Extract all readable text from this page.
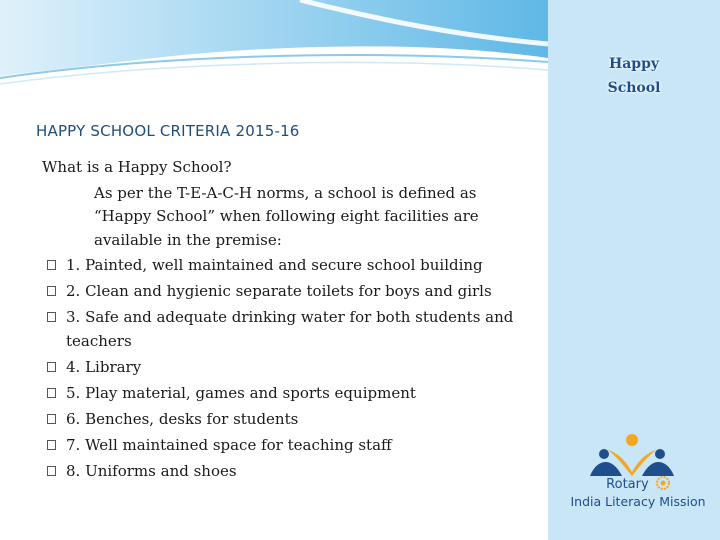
Happy
School
HAPPY SCHOOL CRITERIA 2015-16

What is a Happy School?

As per the T-E-A-C-H norms, a school is defined as “Happy School” when following eight facilities are available in the premise:

1. Painted, well maintained and secure school building
2. Clean and hygienic separate toilets for boys and girls
3. Safe and adequate drinking water for both students and teachers
4. Library
5. Play material, games and sports equipment
6. Benches, desks for students
7. Well maintained space for teaching staff
8. Uniforms and shoes
Rotary
India Literacy Mission
